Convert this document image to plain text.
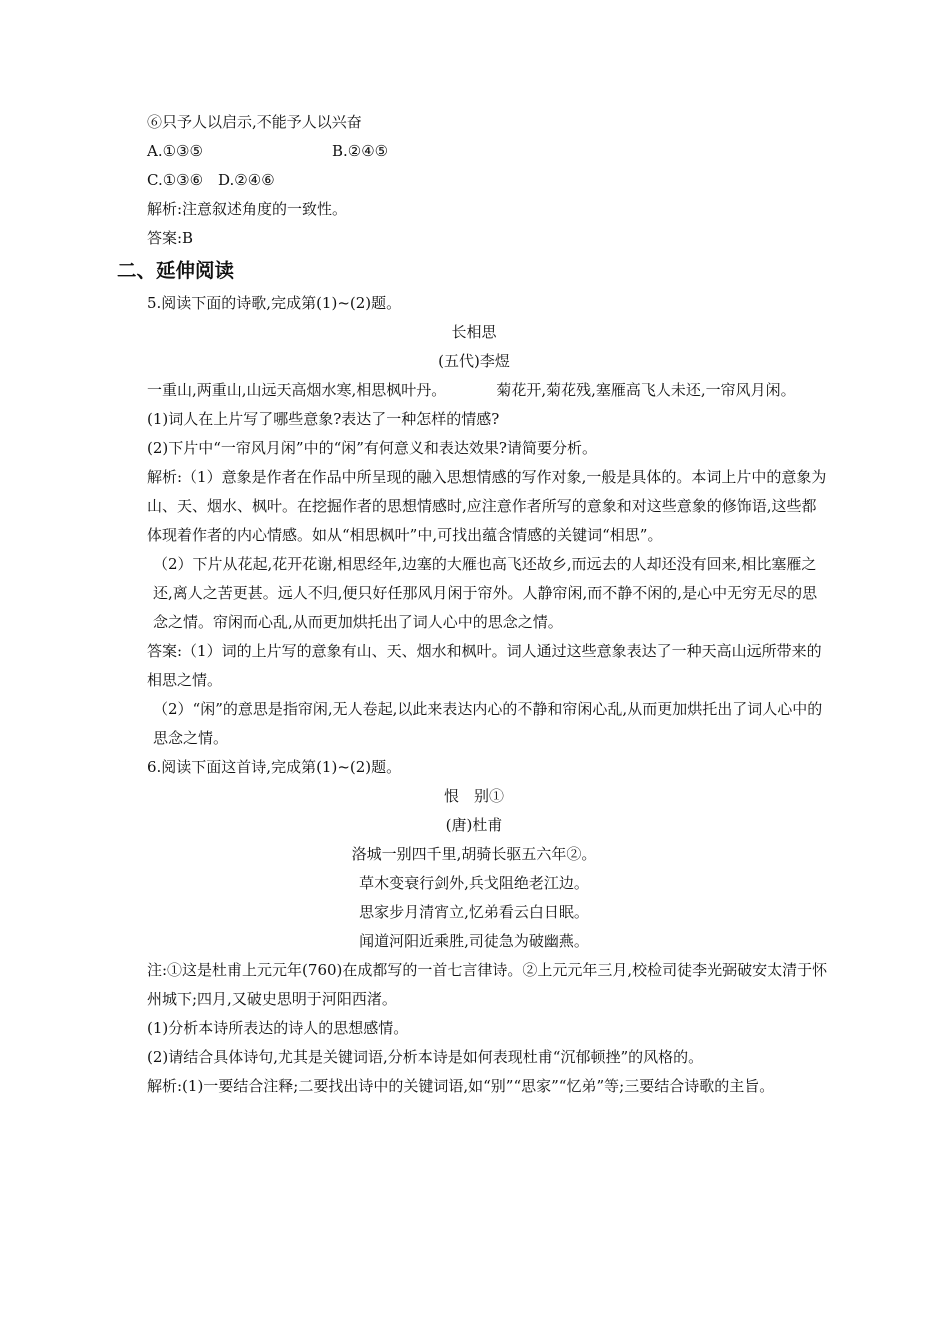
⑥只予人以启示,不能予人以兴奋

A.①③⑤	B.②④⑤

C.①③⑥　D.②④⑥

解析:注意叙述角度的一致性。

答案:B

二、延伸阅读

5.阅读下面的诗歌,完成第(1)~(2)题。

长相思

(五代)李煜

一重山,两重山,山远天高烟水寒,相思枫叶丹。	菊花开,菊花残,塞雁高飞人未还,一帘风月闲。

(1)词人在上片写了哪些意象?表达了一种怎样的情感?

(2)下片中“一帘风月闲”中的“闲”有何意义和表达效果?请简要分析。

解析:（1）意象是作者在作品中所呈现的融入思想情感的写作对象,一般是具体的。本词上片中的意象为山、天、烟水、枫叶。在挖掘作者的思想情感时,应注意作者所写的意象和对这些意象的修饰语,这些都体现着作者的内心情感。如从“相思枫叶”中,可找出蕴含情感的关键词“相思”。

（2）下片从花起,花开花谢,相思经年,边塞的大雁也高飞还故乡,而远去的人却还没有回来,相比塞雁之还,离人之苦更甚。远人不归,便只好任那风月闲于帘外。人静帘闲,而不静不闲的,是心中无穷无尽的思念之情。帘闲而心乱,从而更加烘托出了词人心中的思念之情。

答案:（1）词的上片写的意象有山、天、烟水和枫叶。词人通过这些意象表达了一种天高山远所带来的相思之情。

（2）“闲”的意思是指帘闲,无人卷起,以此来表达内心的不静和帘闲心乱,从而更加烘托出了词人心中的思念之情。

6.阅读下面这首诗,完成第(1)~(2)题。

恨　别①

(唐)杜甫

洛城一别四千里,胡骑长驱五六年②。

草木变衰行剑外,兵戈阻绝老江边。

思家步月清宵立,忆弟看云白日眠。

闻道河阳近乘胜,司徒急为破幽燕。

注:①这是杜甫上元元年(760)在成都写的一首七言律诗。②上元元年三月,校检司徒李光弼破安太清于怀州城下;四月,又破史思明于河阳西渚。

(1)分析本诗所表达的诗人的思想感情。

(2)请结合具体诗句,尤其是关键词语,分析本诗是如何表现杜甫“沉郁顿挫”的风格的。

解析:(1)一要结合注释;二要找出诗中的关键词语,如“别”“思家”“忆弟”等;三要结合诗歌的主旨。
